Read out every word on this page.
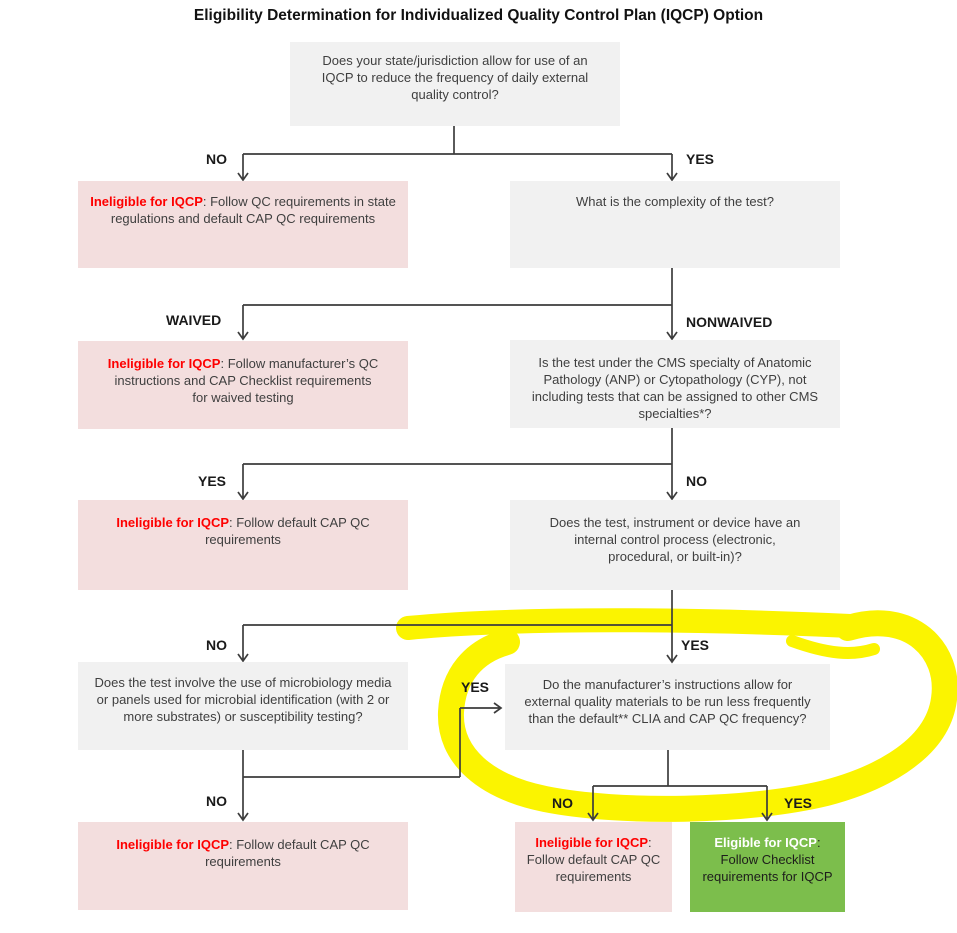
Eligibility Determination for Individualized Quality Control Plan (IQCP) Option
Does your state/jurisdiction allow for use of an IQCP to reduce the frequency of daily external quality control?
Ineligible for IQCP: Follow QC requirements in state regulations and default CAP QC requirements
What is the complexity of the test?
Ineligible for IQCP: Follow manufacturer’s QC instructions and CAP Checklist requirements for waived testing
Is the test under the CMS specialty of Anatomic Pathology (ANP) or Cytopathology (CYP), not including tests that can be assigned to other CMS specialties*?
Ineligible for IQCP: Follow default CAP QC requirements
Does the test, instrument or device have an internal control process (electronic, procedural, or built-in)?
Does the test involve the use of microbiology media or panels used for microbial identification (with 2 or more substrates) or susceptibility testing?
Do the manufacturer’s instructions allow for external quality materials to be run less frequently than the default** CLIA and CAP QC frequency?
Ineligible for IQCP: Follow default CAP QC requirements
Ineligible for IQCP: Follow default CAP QC requirements
Eligible for IQCP: Follow Checklist requirements for IQCP
NO	YES
WAIVED	NONWAIVED
YES	NO
NO	YES
YES
NO	NO	YES
